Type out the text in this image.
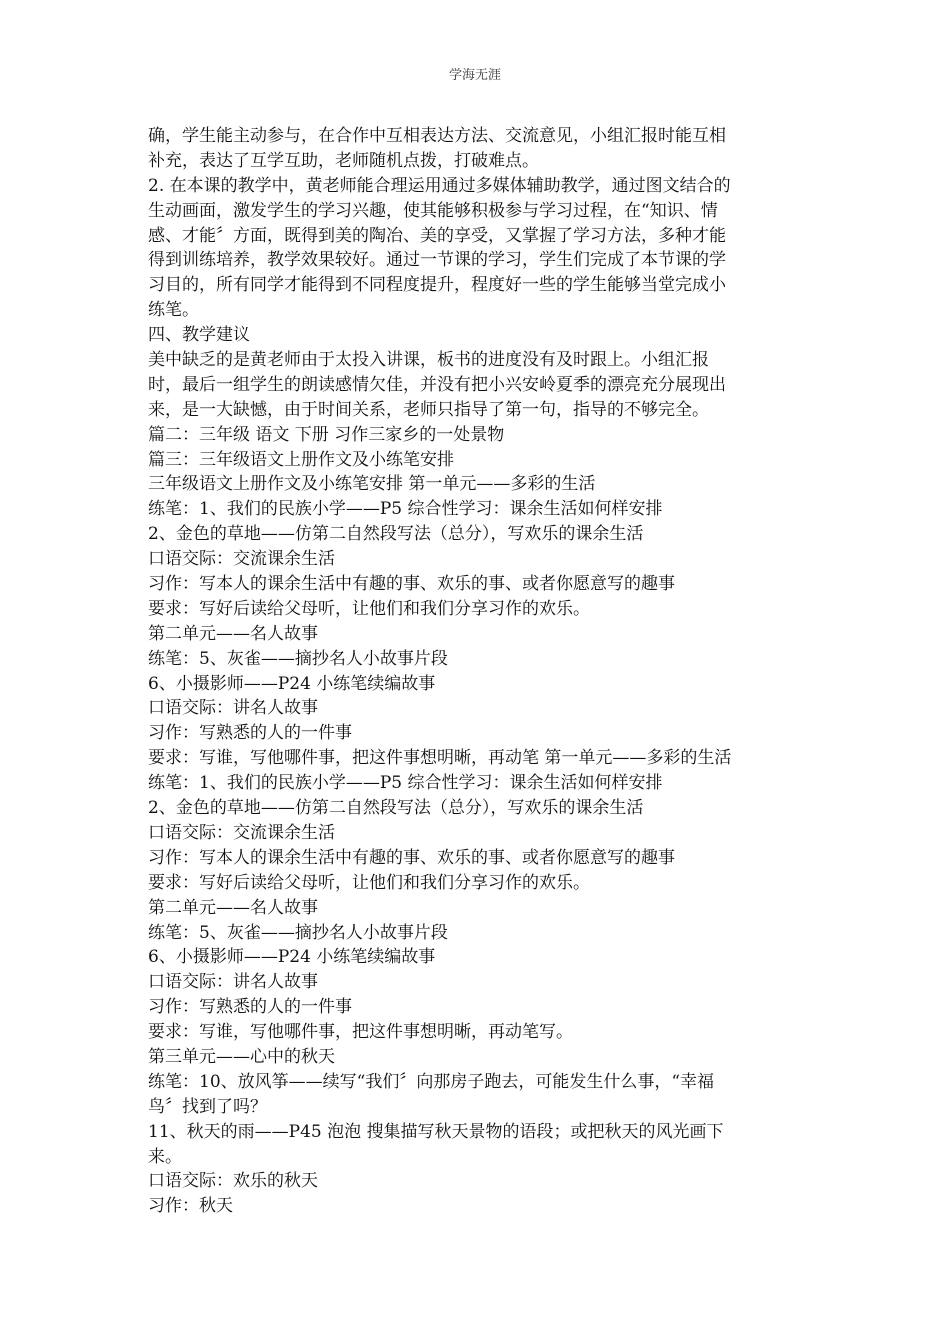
学海无涯
确，学生能主动参与，在合作中互相表达方法、交流意见，小组汇报时能互相
补充，表达了互学互助，老师随机点拨，打破难点。
2. 在本课的教学中，黄老师能合理运用通过多媒体辅助教学，通过图文结合的
生动画面，激发学生的学习兴趣，使其能够积极参与学习过程，在“知识、情
感、才能〞方面，既得到美的陶冶、美的享受，又掌握了学习方法，多种才能
得到训练培养，教学效果较好。通过一节课的学习，学生们完成了本节课的学
习目的，所有同学才能得到不同程度提升，程度好一些的学生能够当堂完成小
练笔。
四、教学建议
美中缺乏的是黄老师由于太投入讲课，板书的进度没有及时跟上。小组汇报
时，最后一组学生的朗读感情欠佳，并没有把小兴安岭夏季的漂亮充分展现出
来，是一大缺憾，由于时间关系，老师只指导了第一句，指导的不够完全。
篇二：三年级 语文 下册 习作三家乡的一处景物
篇三：三年级语文上册作文及小练笔安排
三年级语文上册作文及小练笔安排 第一单元——多彩的生活
练笔：1、我们的民族小学——P5 综合性学习：课余生活如何样安排
2、金色的草地——仿第二自然段写法（总分），写欢乐的课余生活
口语交际：交流课余生活
习作：写本人的课余生活中有趣的事、欢乐的事、或者你愿意写的趣事
要求：写好后读给父母听，让他们和我们分享习作的欢乐。
第二单元——名人故事
练笔：5、灰雀——摘抄名人小故事片段
6、小摄影师——P24 小练笔续编故事
口语交际：讲名人故事
习作：写熟悉的人的一件事
要求：写谁，写他哪件事，把这件事想明晰，再动笔 第一单元——多彩的生活
练笔：1、我们的民族小学——P5 综合性学习：课余生活如何样安排
2、金色的草地——仿第二自然段写法（总分），写欢乐的课余生活
口语交际：交流课余生活
习作：写本人的课余生活中有趣的事、欢乐的事、或者你愿意写的趣事
要求：写好后读给父母听，让他们和我们分享习作的欢乐。
第二单元——名人故事
练笔：5、灰雀——摘抄名人小故事片段
6、小摄影师——P24 小练笔续编故事
口语交际：讲名人故事
习作：写熟悉的人的一件事
要求：写谁，写他哪件事，把这件事想明晰，再动笔写。
第三单元——心中的秋天
练笔：10、放风筝——续写“我们〞向那房子跑去，可能发生什么事，“幸福
鸟〞找到了吗？
11、秋天的雨——P45 泡泡 搜集描写秋天景物的语段；或把秋天的风光画下
来。
口语交际：欢乐的秋天
习作：秋天
